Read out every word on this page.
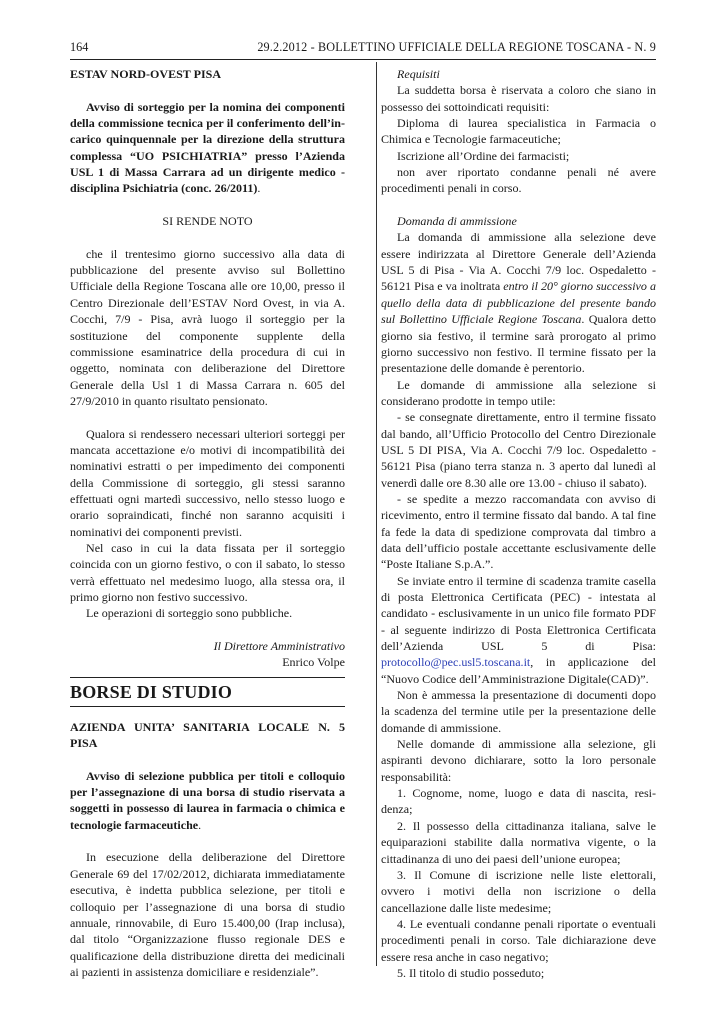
164	29.2.2012 - BOLLETTINO UFFICIALE DELLA REGIONE TOSCANA - N. 9

ESTAV NORD-OVEST PISA

Avviso di sorteggio per la nomina dei componenti della commissione tecnica per il conferimento dell’in-carico quinquennale per la direzione della struttura complessa “UO PSICHIATRIA” presso l’Azienda USL 1 di Massa Carrara ad un dirigente medico - disciplina Psichiatria (conc. 26/2011).

SI RENDE NOTO

che il trentesimo giorno successivo alla data di pubblicazione del presente avviso sul Bollettino Ufficiale della Regione Toscana alle ore 10,00, presso il Centro Direzionale dell’ESTAV Nord Ovest, in via A. Cocchi, 7/9 - Pisa, avrà luogo il sorteggio per la sostituzione del componente supplente della commissione esaminatrice della procedura di cui in oggetto, nominata con deliberazione del Direttore Generale della Usl 1 di Massa Carrara n. 605 del 27/9/2010 in quanto risultato pensionato.

Qualora si rendessero necessari ulteriori sorteggi per mancata accettazione e/o motivi di incompatibilità dei nominativi estratti o per impedimento dei componenti della Commissione di sorteggio, gli stessi saranno effettuati ogni martedì successivo, nello stesso luogo e orario sopraindicati, finché non saranno acquisiti i nominativi dei componenti previsti.

Nel caso in cui la data fissata per il sorteggio coincida con un giorno festivo, o con il sabato, lo stesso verrà effettuato nel medesimo luogo, alla stessa ora, il primo giorno non festivo successivo.

Le operazioni di sorteggio sono pubbliche.

Il Direttore Amministrativo

Enrico Volpe

BORSE DI STUDIO

AZIENDA UNITA’ SANITARIA LOCALE N. 5 PISA

Avviso di selezione pubblica per titoli e colloquio per l’assegnazione di una borsa di studio riservata a soggetti in possesso di laurea in farmacia o chimica e tecnologie farmaceutiche.

In esecuzione della deliberazione del Direttore Generale 69 del 17/02/2012, dichiarata immediatamente esecutiva, è indetta pubblica selezione, per titoli e colloquio per l’assegnazione di una borsa di studio annuale, rinnovabile, di Euro 15.400,00 (Irap inclusa), dal titolo “Organizzazione flusso regionale DES e qualificazione della distribuzione diretta dei medicinali ai pazienti in assistenza domiciliare e residenziale”.

Requisiti

La suddetta borsa è riservata a coloro che siano in possesso dei sottoindicati requisiti:

Diploma di laurea specialistica in Farmacia o Chimica e Tecnologie farmaceutiche;

Iscrizione all’Ordine dei farmacisti;

non aver riportato condanne penali né avere procedimenti penali in corso.

Domanda di ammissione

La domanda di ammissione alla selezione deve essere indirizzata al Direttore Generale dell’Azienda USL 5 di Pisa - Via A. Cocchi 7/9 loc. Ospedaletto - 56121 Pisa e va inoltrata entro il 20° giorno successivo a quello della data di pubblicazione del presente bando sul Bollettino Ufficiale Regione Toscana. Qualora detto giorno sia festivo, il termine sarà prorogato al primo giorno successivo non festivo. Il termine fissato per la presentazione delle domande è perentorio.

Le domande di ammissione alla selezione si considerano prodotte in tempo utile:

- se consegnate direttamente, entro il termine fissato dal bando, all’Ufficio Protocollo del Centro Direzionale USL 5 DI PISA, Via A. Cocchi 7/9 loc. Ospedaletto - 56121 Pisa (piano terra stanza n. 3 aperto dal lunedì al venerdì dalle ore 8.30 alle ore 13.00 - chiuso il sabato).

- se spedite a mezzo raccomandata con avviso di ricevimento, entro il termine fissato dal bando. A tal fine fa fede la data di spedizione comprovata dal timbro a data dell’ufficio postale accettante esclusivamente delle “Poste Italiane S.p.A.”.

Se inviate entro il termine di scadenza tramite casella di posta Elettronica Certificata (PEC) - intestata al candidato - esclusivamente in un unico file formato PDF - al seguente indirizzo di Posta Elettronica Certificata dell’Azienda USL 5 di Pisa: protocollo@pec.usl5.toscana.it, in applicazione del “Nuovo Codice dell’Amministrazione Digitale(CAD)”.

Non è ammessa la presentazione di documenti dopo la scadenza del termine utile per la presentazione delle domande di ammissione.

Nelle domande di ammissione alla selezione, gli aspiranti devono dichiarare, sotto la loro personale responsabilità:

1. Cognome, nome, luogo e data di nascita, resi-denza;

2. Il possesso della cittadinanza italiana, salve le equiparazioni stabilite dalla normativa vigente, o la cittadinanza di uno dei paesi dell’unione europea;

3. Il Comune di iscrizione nelle liste elettorali, ovvero i motivi della non iscrizione o della cancellazione dalle liste medesime;

4. Le eventuali condanne penali riportate o eventuali procedimenti penali in corso. Tale dichiarazione deve essere resa anche in caso negativo;

5. Il titolo di studio posseduto;
